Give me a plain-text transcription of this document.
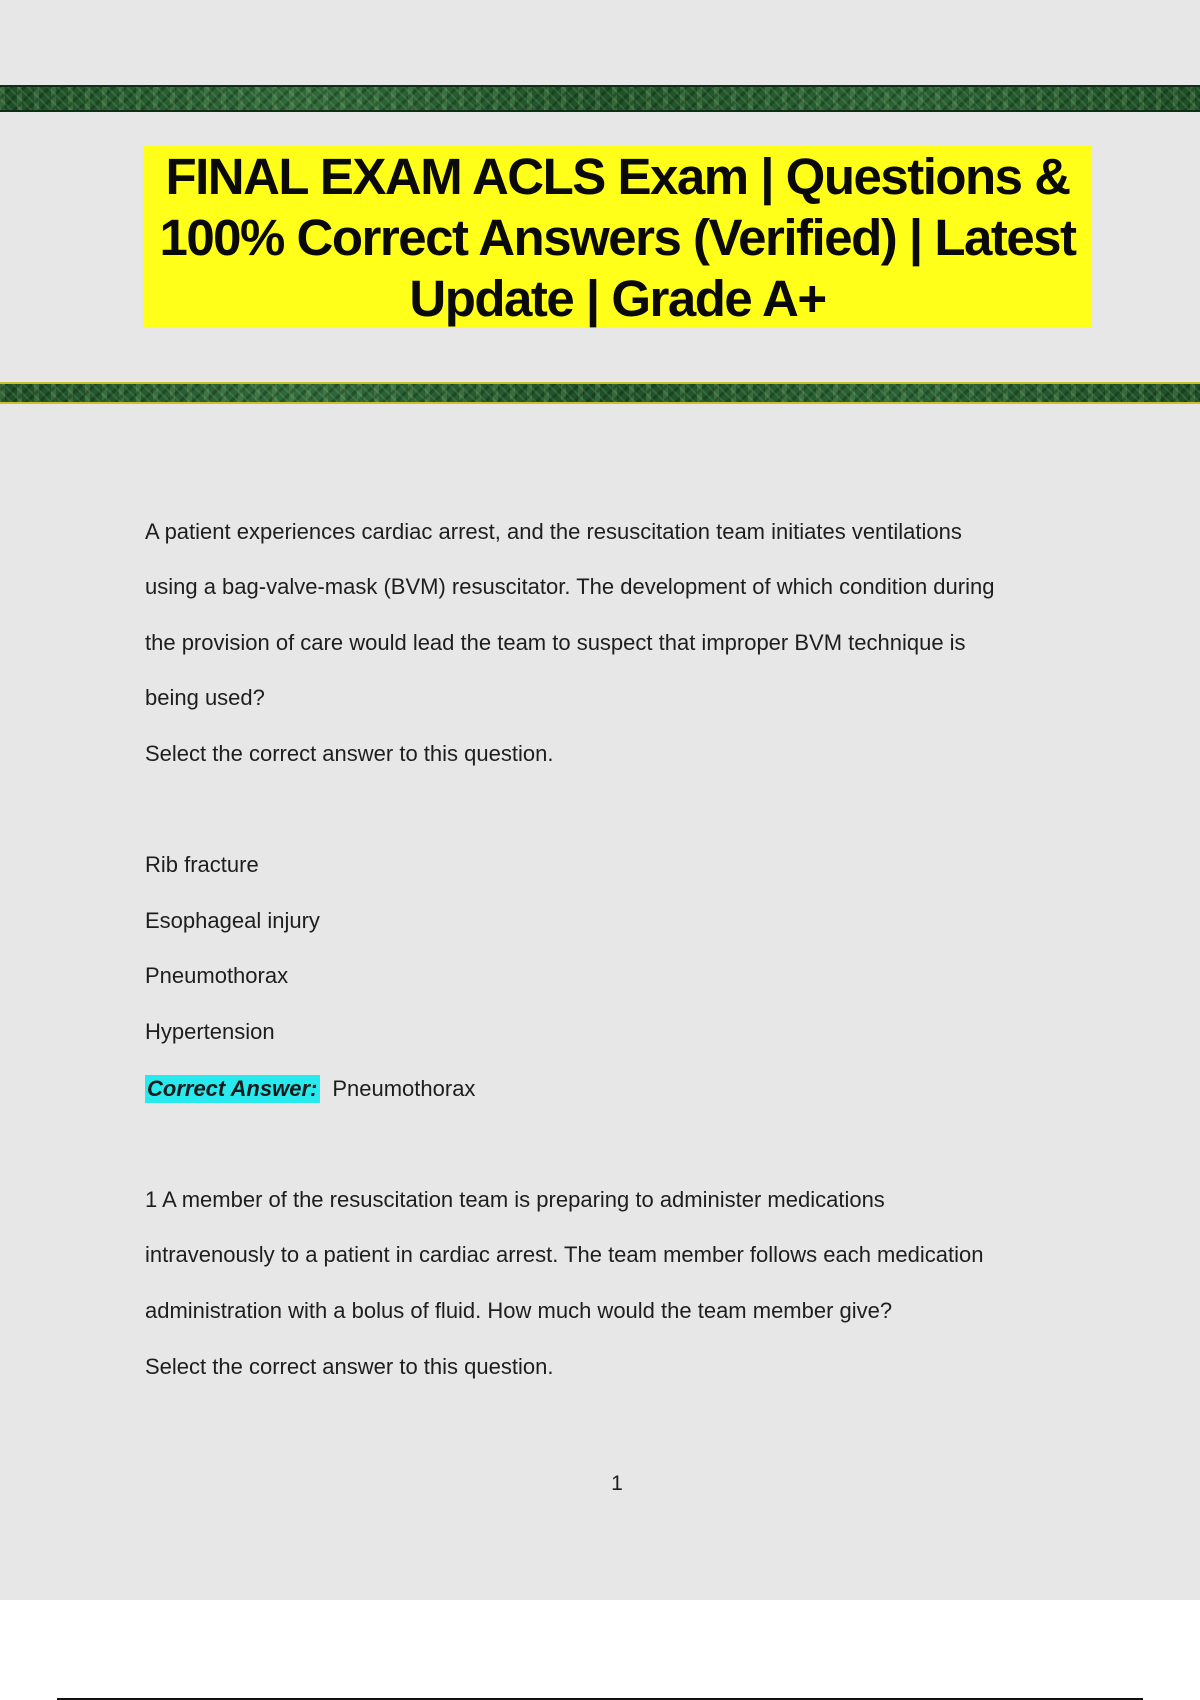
FINAL EXAM ACLS Exam | Questions & 100% Correct Answers (Verified) | Latest Update | Grade A+
A patient experiences cardiac arrest, and the resuscitation team initiates ventilations
using a bag-valve-mask (BVM) resuscitator. The development of which condition during
the provision of care would lead the team to suspect that improper BVM technique is
being used?
Select the correct answer to this question.
Rib fracture
Esophageal injury
Pneumothorax
Hypertension
Correct Answer: Pneumothorax
1 A member of the resuscitation team is preparing to administer medications
intravenously to a patient in cardiac arrest. The team member follows each medication
administration with a bolus of fluid. How much would the team member give?
Select the correct answer to this question.
1
